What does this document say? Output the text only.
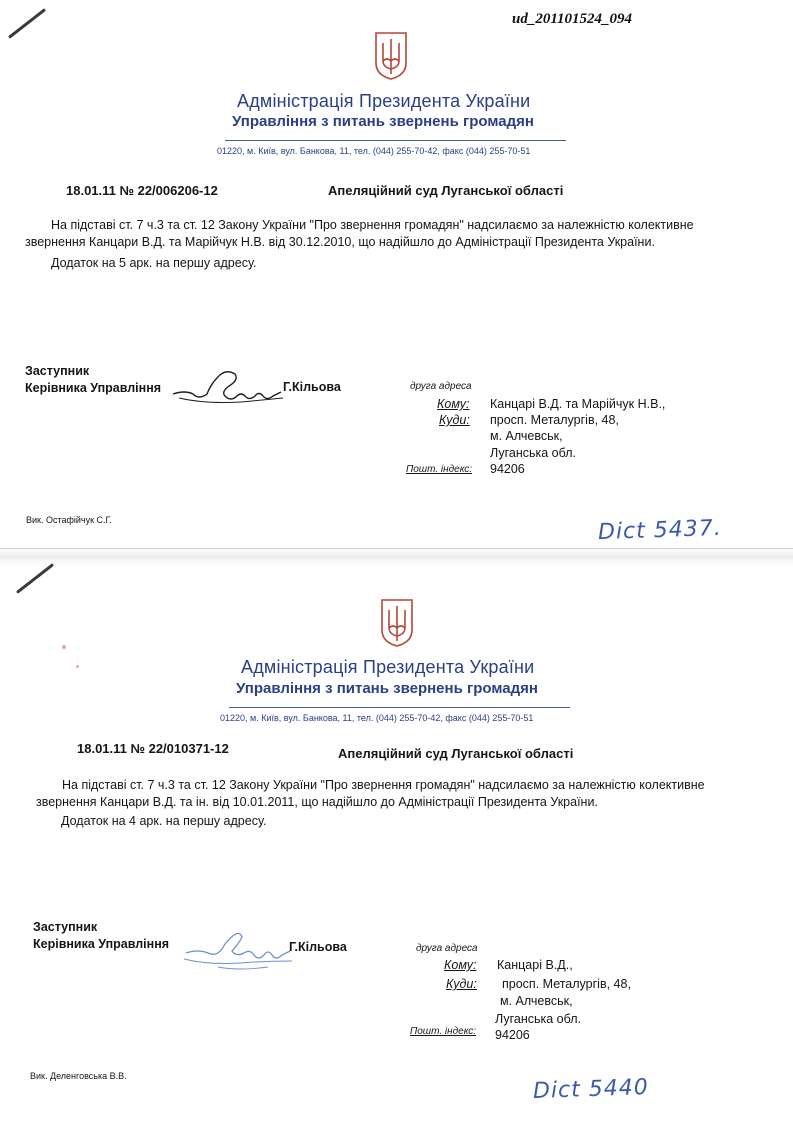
ud_201101524_094
Адміністрація Президента України
Управління з питань звернень громадян
01220, м. Київ, вул. Банкова, 11, тел. (044) 255-70-42, факс (044) 255-70-51
18.01.11 № 22/006206-12	Апеляційний суд Луганської області

На підставі ст. 7 ч.3 та ст. 12 Закону України "Про звернення громадян" надсилаємо за належністю колективне

звернення Канцари В.Д. та Марійчук Н.В. від 30.12.2010, що надійшло до Адміністрації Президента України.

Додаток на 5 арк. на першу адресу.
Заступник
Керівника Управління	Г.Кільова	друга адреса
Кому: Канцарі В.Д. та Марійчук Н.В.,
Куди: просп. Металургів, 48,
м. Алчевськ,
Луганська обл.
Пошт. індекс: 94206
Вик. Остафійчук С.Г.	Dict 5437.
Адміністрація Президента України
Управління з питань звернень громадян
01220, м. Київ, вул. Банкова, 11, тел. (044) 255-70-42, факс (044) 255-70-51
18.01.11 № 22/010371-12	Апеляційний суд Луганської області

На підставі ст. 7 ч.3 та ст. 12 Закону України "Про звернення громадян" надсилаємо за належністю колективне

звернення Канцари В.Д. та ін. від 10.01.2011, що надійшло до Адміністрації Президента України.

Додаток на 4 арк. на першу адресу.
Заступник
Керівника Управління	Г.Кільова	друга адреса
Кому: Канцарі В.Д.,
Куди: просп. Металургів, 48,
м. Алчевськ,
Луганська обл.
Пошт. індекс: 94206
Вик. Деленговська В.В.	Dict 5440
